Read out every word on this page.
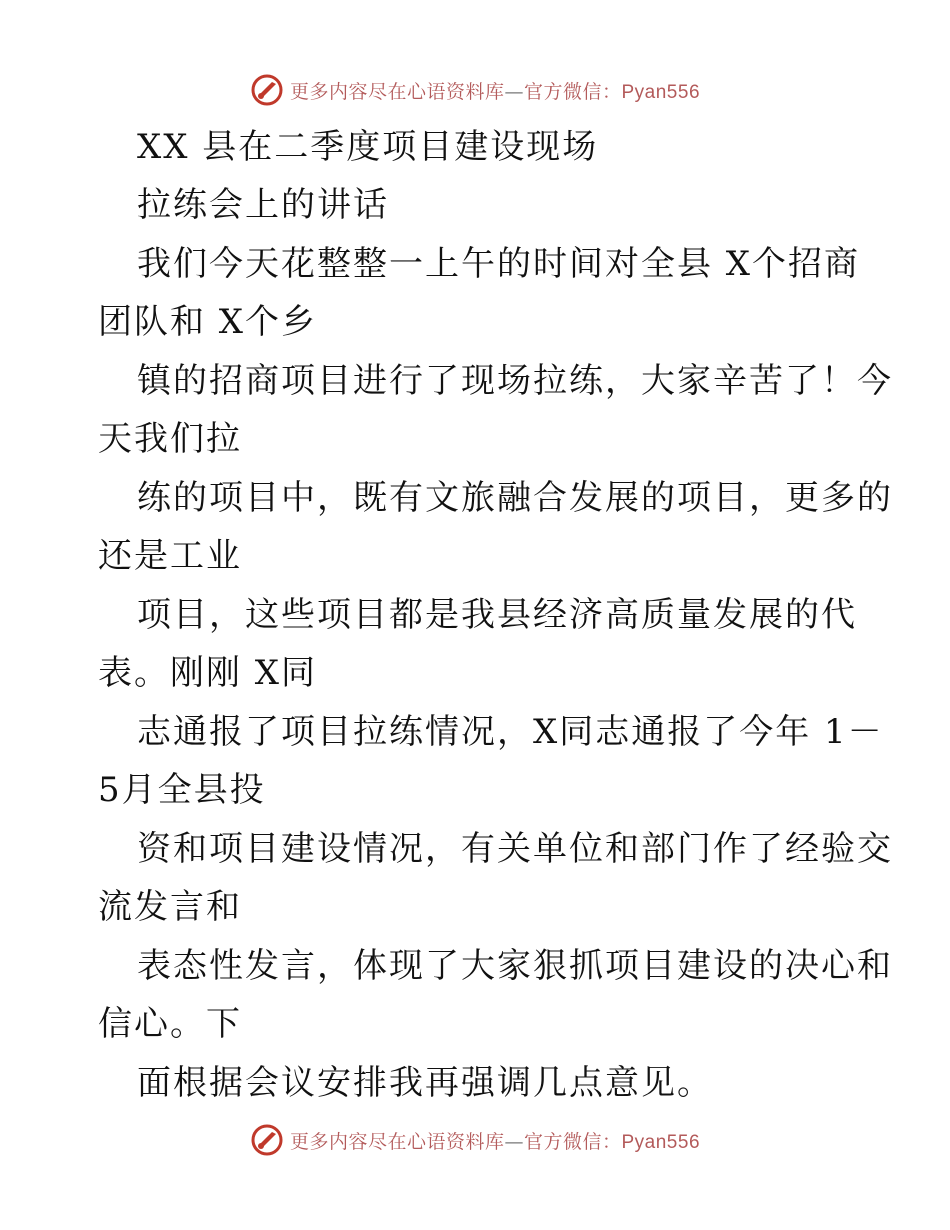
更多内容尽在心语资料库—官方微信：Pyan556
XX 县在二季度项目建设现场
拉练会上的讲话
我们今天花整整一上午的时间对全县 X个招商
团队和 X个乡
镇的招商项目进行了现场拉练，大家辛苦了！今
天我们拉
练的项目中，既有文旅融合发展的项目，更多的
还是工业
项目，这些项目都是我县经济高质量发展的代
表。刚刚 X同
志通报了项目拉练情况，X同志通报了今年 1－
5月全县投
资和项目建设情况，有关单位和部门作了经验交
流发言和
表态性发言，体现了大家狠抓项目建设的决心和
信心。下
面根据会议安排我再强调几点意见。
更多内容尽在心语资料库—官方微信：Pyan556
